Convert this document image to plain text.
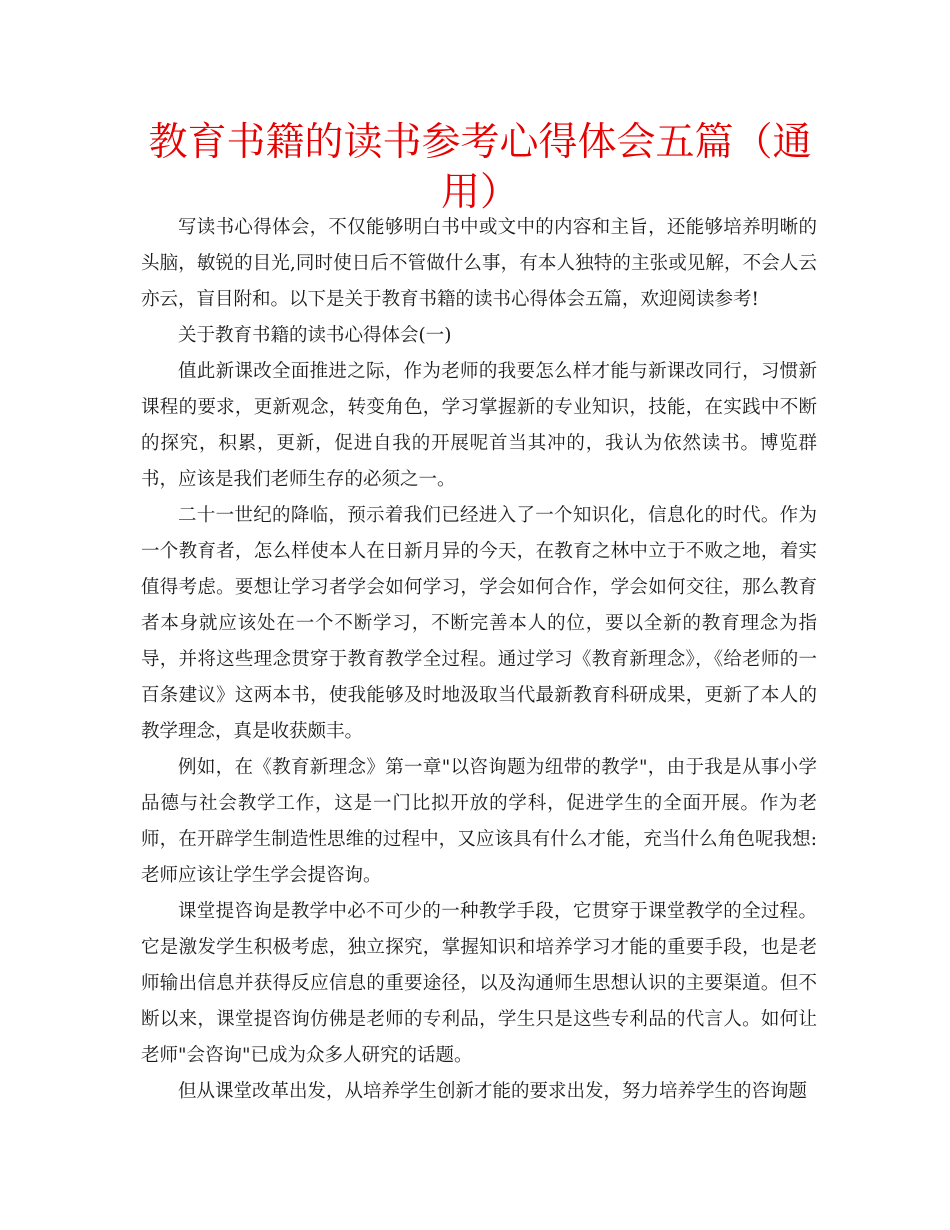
教育书籍的读书参考心得体会五篇（通用）

写读书心得体会，不仅能够明白书中或文中的内容和主旨，还能够培养明晰的头脑，敏锐的目光,同时使日后不管做什么事，有本人独特的主张或见解，不会人云亦云，盲目附和。以下是关于教育书籍的读书心得体会五篇，欢迎阅读参考!

关于教育书籍的读书心得体会(一)

值此新课改全面推进之际，作为老师的我要怎么样才能与新课改同行，习惯新课程的要求，更新观念，转变角色，学习掌握新的专业知识，技能，在实践中不断的探究，积累，更新，促进自我的开展呢首当其冲的，我认为依然读书。博览群书，应该是我们老师生存的必须之一。

二十一世纪的降临，预示着我们已经进入了一个知识化，信息化的时代。作为一个教育者，怎么样使本人在日新月异的今天，在教育之林中立于不败之地，着实值得考虑。要想让学习者学会如何学习，学会如何合作，学会如何交往，那么教育者本身就应该处在一个不断学习，不断完善本人的位，要以全新的教育理念为指导，并将这些理念贯穿于教育教学全过程。通过学习《教育新理念》，《给老师的一百条建议》这两本书，使我能够及时地汲取当代最新教育科研成果，更新了本人的教学理念，真是收获颇丰。

例如，在《教育新理念》第一章"以咨询题为纽带的教学"，由于我是从事小学品德与社会教学工作，这是一门比拟开放的学科，促进学生的全面开展。作为老师，在开辟学生制造性思维的过程中，又应该具有什么才能，充当什么角色呢我想:老师应该让学生学会提咨询。

课堂提咨询是教学中必不可少的一种教学手段，它贯穿于课堂教学的全过程。它是激发学生积极考虑，独立探究，掌握知识和培养学习才能的重要手段，也是老师输出信息并获得反应信息的重要途径，以及沟通师生思想认识的主要渠道。但不断以来，课堂提咨询仿佛是老师的专利品，学生只是这些专利品的代言人。如何让老师"会咨询"已成为众多人研究的话题。

但从课堂改革出发，从培养学生创新才能的要求出发，努力培养学生的咨询题
